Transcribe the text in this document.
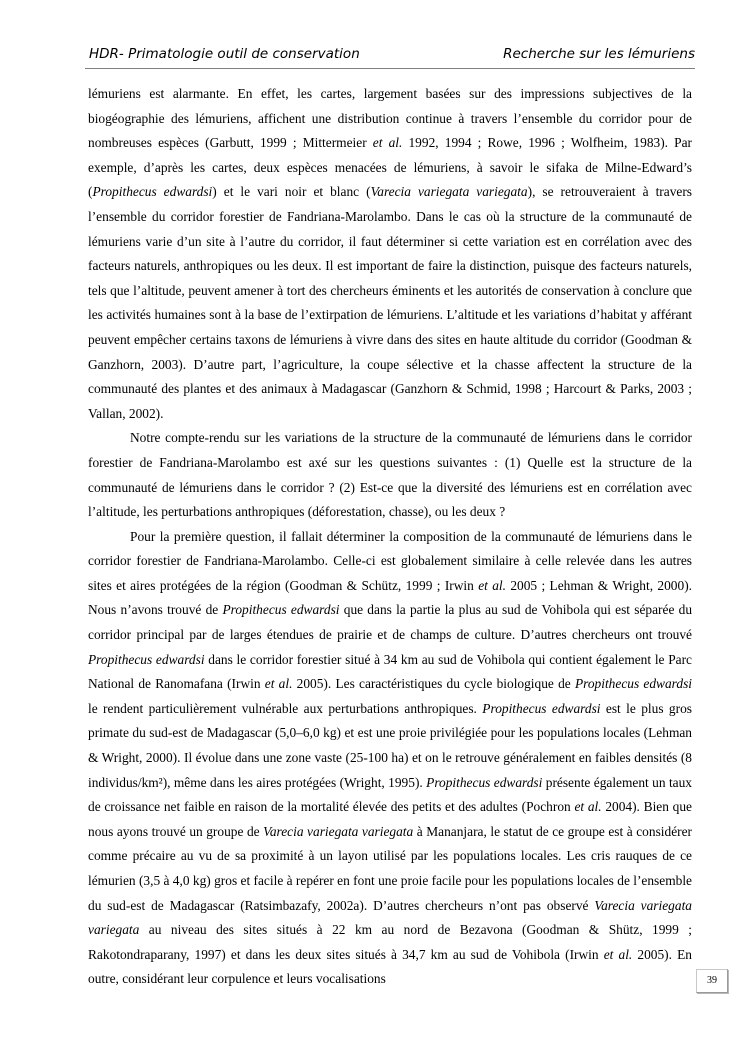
HDR- Primatologie outil de conservation	Recherche sur les lémuriens

lémuriens est alarmante. En effet, les cartes, largement basées sur des impressions subjectives de la biogéographie des lémuriens, affichent une distribution continue à travers l’ensemble du corridor pour de nombreuses espèces (Garbutt, 1999 ; Mittermeier et al. 1992, 1994 ; Rowe, 1996 ; Wolfheim, 1983). Par exemple, d’après les cartes, deux espèces menacées de lémuriens, à savoir le sifaka de Milne-Edward’s (Propithecus edwardsi) et le vari noir et blanc (Varecia variegata variegata), se retrouveraient à travers l’ensemble du corridor forestier de Fandriana-Marolambo. Dans le cas où la structure de la communauté de lémuriens varie d’un site à l’autre du corridor, il faut déterminer si cette variation est en corrélation avec des facteurs naturels, anthropiques ou les deux. Il est important de faire la distinction, puisque des facteurs naturels, tels que l’altitude, peuvent amener à tort des chercheurs éminents et les autorités de conservation à conclure que les activités humaines sont à la base de l’extirpation de lémuriens. L’altitude et les variations d’habitat y afférant peuvent empêcher certains taxons de lémuriens à vivre dans des sites en haute altitude du corridor (Goodman & Ganzhorn, 2003). D’autre part, l’agriculture, la coupe sélective et la chasse affectent la structure de la communauté des plantes et des animaux à Madagascar (Ganzhorn & Schmid, 1998 ; Harcourt & Parks, 2003 ; Vallan, 2002).

Notre compte-rendu sur les variations de la structure de la communauté de lémuriens dans le corridor forestier de Fandriana-Marolambo est axé sur les questions suivantes : (1) Quelle est la structure de la communauté de lémuriens dans le corridor ? (2) Est-ce que la diversité des lémuriens est en corrélation avec l’altitude, les perturbations anthropiques (déforestation, chasse), ou les deux ?

Pour la première question, il fallait déterminer la composition de la communauté de lémuriens dans le corridor forestier de Fandriana-Marolambo. Celle-ci est globalement similaire à celle relevée dans les autres sites et aires protégées de la région (Goodman & Schütz, 1999 ; Irwin et al. 2005 ; Lehman & Wright, 2000). Nous n’avons trouvé de Propithecus edwardsi que dans la partie la plus au sud de Vohibola qui est séparée du corridor principal par de larges étendues de prairie et de champs de culture. D’autres chercheurs ont trouvé Propithecus edwardsi dans le corridor forestier situé à 34 km au sud de Vohibola qui contient également le Parc National de Ranomafana (Irwin et al. 2005). Les caractéristiques du cycle biologique de Propithecus edwardsi le rendent particulièrement vulnérable aux perturbations anthropiques. Propithecus edwardsi est le plus gros primate du sud-est de Madagascar (5,0–6,0 kg) et est une proie privilégiée pour les populations locales (Lehman & Wright, 2000). Il évolue dans une zone vaste (25-100 ha) et on le retrouve généralement en faibles densités (8 individus/km²), même dans les aires protégées (Wright, 1995). Propithecus edwardsi présente également un taux de croissance net faible en raison de la mortalité élevée des petits et des adultes (Pochron et al. 2004). Bien que nous ayons trouvé un groupe de Varecia variegata variegata à Mananjara, le statut de ce groupe est à considérer comme précaire au vu de sa proximité à un layon utilisé par les populations locales. Les cris rauques de ce lémurien (3,5 à 4,0 kg) gros et facile à repérer en font une proie facile pour les populations locales de l’ensemble du sud-est de Madagascar (Ratsimbazafy, 2002a). D’autres chercheurs n’ont pas observé Varecia variegata variegata au niveau des sites situés à 22 km au nord de Bezavona (Goodman & Shütz, 1999 ; Rakotondraparany, 1997) et dans les deux sites situés à 34,7 km au sud de Vohibola (Irwin et al. 2005). En outre, considérant leur corpulence et leurs vocalisations	39
